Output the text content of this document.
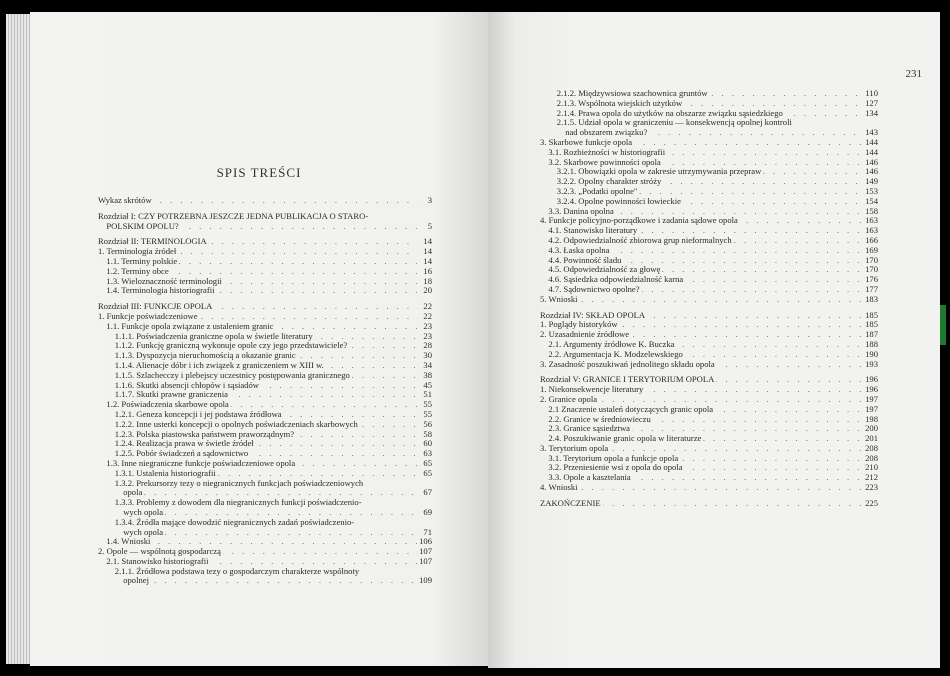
SPIS TREŚCI
231
. . .
Wykaz skrótów	3
Rozdział I: CZY POTRZEBNA JESZCZE JEDNA PUBLIKACJA O STARO-
. . .
POLSKIM OPOLU?	5
. . .
Rozdział II: TERMINOLOGIA	14
. . .
1. Terminologia źródeł	14
. . .
1.1. Terminy polskie	14
. . .
1.2. Terminy obce	16
. . .
1.3. Wieloznaczność terminologii	18
. . .
1.4. Terminologia historiografii	20
. . .
Rozdział III: FUNKCJE OPOLA	22
. . .
1. Funkcje poświadczeniowe	22
. . .
1.1. Funkcje opola związane z ustaleniem granic	23
. . .
1.1.1. Poświadczenia graniczne opola w świetle literatury	23
. . .
1.1.2. Funkcję graniczną wykonuje opole czy jego przedstawiciele?	28
. . .
1.1.3. Dyspozycja nieruchomością a okazanie granic	30
. . .
1.1.4. Alienacje dóbr i ich związek z graniczeniem w XIII w.	34
. . .
1.1.5. Szlachecczy i plebejscy uczestnicy postępowania granicznego	38
. . .
1.1.6. Skutki absencji chłopów i sąsiadów	45
. . .
1.1.7. Skutki prawne graniczenia	51
. . .
1.2. Poświadczenia skarbowe opola	55
. . .
1.2.1. Geneza koncepcji i jej podstawa źródłowa	55
. . .
1.2.2. Inne usterki koncepcji o opolnych poświadczeniach skarbowych	56
. . .
1.2.3. Polska piastowska państwem praworządnym?	58
. . .
1.2.4. Realizacja prawa w świetle źródeł	60
. . .
1.2.5. Pobór świadczeń a sądownictwo	63
. . .
1.3. Inne niegraniczne funkcje poświadczeniowe opola	65
. . .
1.3.1. Ustalenia historiografii	65
1.3.2. Prekursorzy tezy o niegranicznych funkcjach poświadczeniowych
. . .
opola	67
1.3.3. Problemy z dowodem dla niegranicznych funkcji poświadczenio-
. . .
wych opola	69
1.3.4. Źródła mające dowodzić niegranicznych zadań poświadczenio-
. . .
wych opola	71
. . .
1.4. Wnioski	106
. . .
2. Opole — wspólnotą gospodarczą	107
. . .
2.1. Stanowisko historiografii	107
2.1.1. Źródłowa podstawa tezy o gospodarczym charakterze wspólnoty
. . .
opolnej	109
. . .
2.1.2. Międzywsiowa szachownica gruntów	110
. . .
2.1.3. Wspólnota wiejskich użytków	127
. . .
2.1.4. Prawa opola do użytków na obszarze związku sąsiedzkiego	134
2.1.5. Udział opola w graniczeniu — konsekwencją opolnej kontroli
. . .
nad obszarem związku?	143
. . .
3. Skarbowe funkcje opola	144
. . .
3.1. Rozbieżności w historiografii	144
. . .
3.2. Skarbowe powinności opola	146
. . .
3.2.1. Obowiązki opola w zakresie utrzymywania przepraw	146
. . .
3.2.2. Opolny charakter stróży	149
. . .
3.2.3. „Podatki opolne"	153
. . .
3.2.4. Opolne powinności łowieckie	154
. . .
3.3. Danina opolna	158
. . .
4. Funkcje policyjno-porządkowe i zadania sądowe opola	163
. . .
4.1. Stanowisko literatury	163
. . .
4.2. Odpowiedzialność zbiorowa grup nieformalnych	166
. . .
4.3. Łaska opolna	169
. . .
4.4. Powinność śladu	170
. . .
4.5. Odpowiedzialność za głowę	170
. . .
4.6. Sąsiedzka odpowiedzialność karna	176
. . .
4.7. Sądownictwo opolne?	177
. . .
5. Wnioski	183
. . .
Rozdział IV: SKŁAD OPOLA	185
. . .
1. Poglądy historyków	185
. . .
2. Uzasadnienie źródłowe	187
. . .
2.1. Argumenty źródłowe K. Buczka	188
. . .
2.2. Argumentacja K. Modzelewskiego	190
. . .
3. Zasadność poszukiwań jednolitego składu opola	193
. . .
Rozdział V: GRANICE I TERYTORIUM OPOLA	196
. . .
1. Niekonsekwencje literatury	196
. . .
2. Granice opola	197
. . .
2.1 Znaczenie ustaleń dotyczących granic opola	197
. . .
2.2. Granice w średniowieczu	198
. . .
2.3. Granice sąsiedztwa	200
. . .
2.4. Poszukiwanie granic opola w literaturze	201
. . .
3. Terytorium opola	208
. . .
3.1. Terytorium opola a funkcje opola	208
. . .
3.2. Przeniesienie wsi z opola do opola	210
. . .
3.3. Opole a kasztelania	212
. . .
4. Wnioski	223
. . .
ZAKOŃCZENIE	225
